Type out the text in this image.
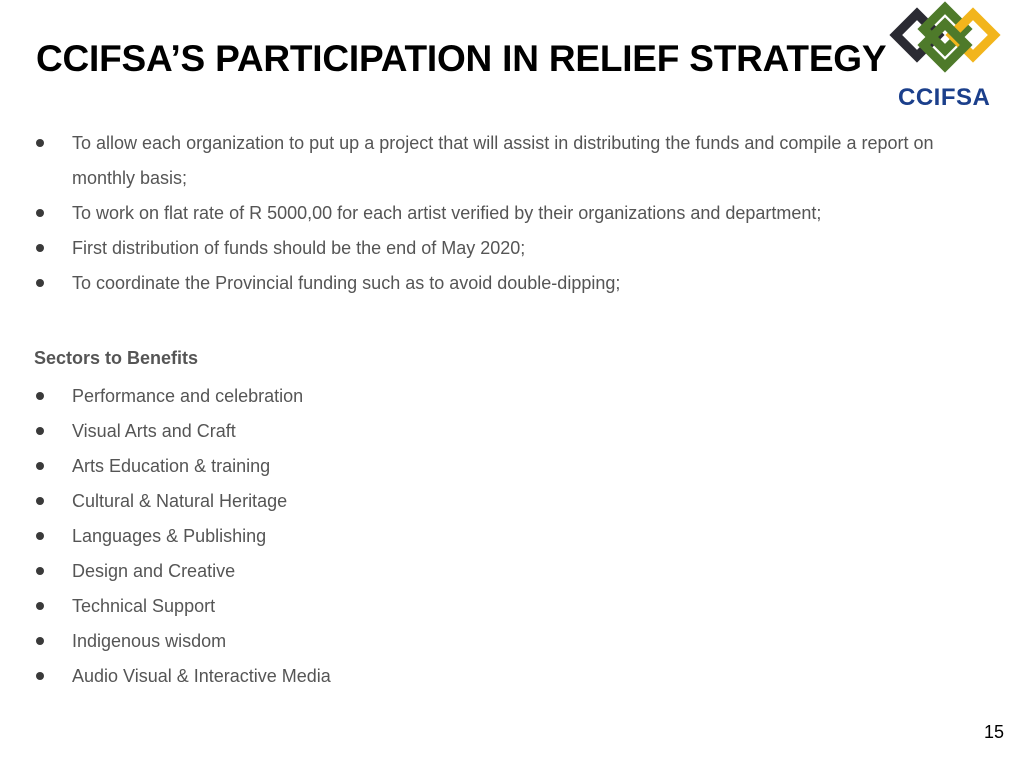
CCIFSA’S PARTICIPATION IN RELIEF STRATEGY
CCIFSA
To allow each organization to put up a project that will assist in distributing the funds and compile a report on monthly basis;
To work on flat rate of R 5000,00 for each artist verified by their organizations and department;
First distribution of funds should be the end of May 2020;
To coordinate the Provincial funding such as to avoid double-dipping;
Sectors to Benefits
Performance and celebration
Visual Arts and Craft
Arts Education & training
Cultural & Natural Heritage
Languages & Publishing
Design and Creative
Technical Support
Indigenous wisdom
Audio Visual & Interactive Media
15
